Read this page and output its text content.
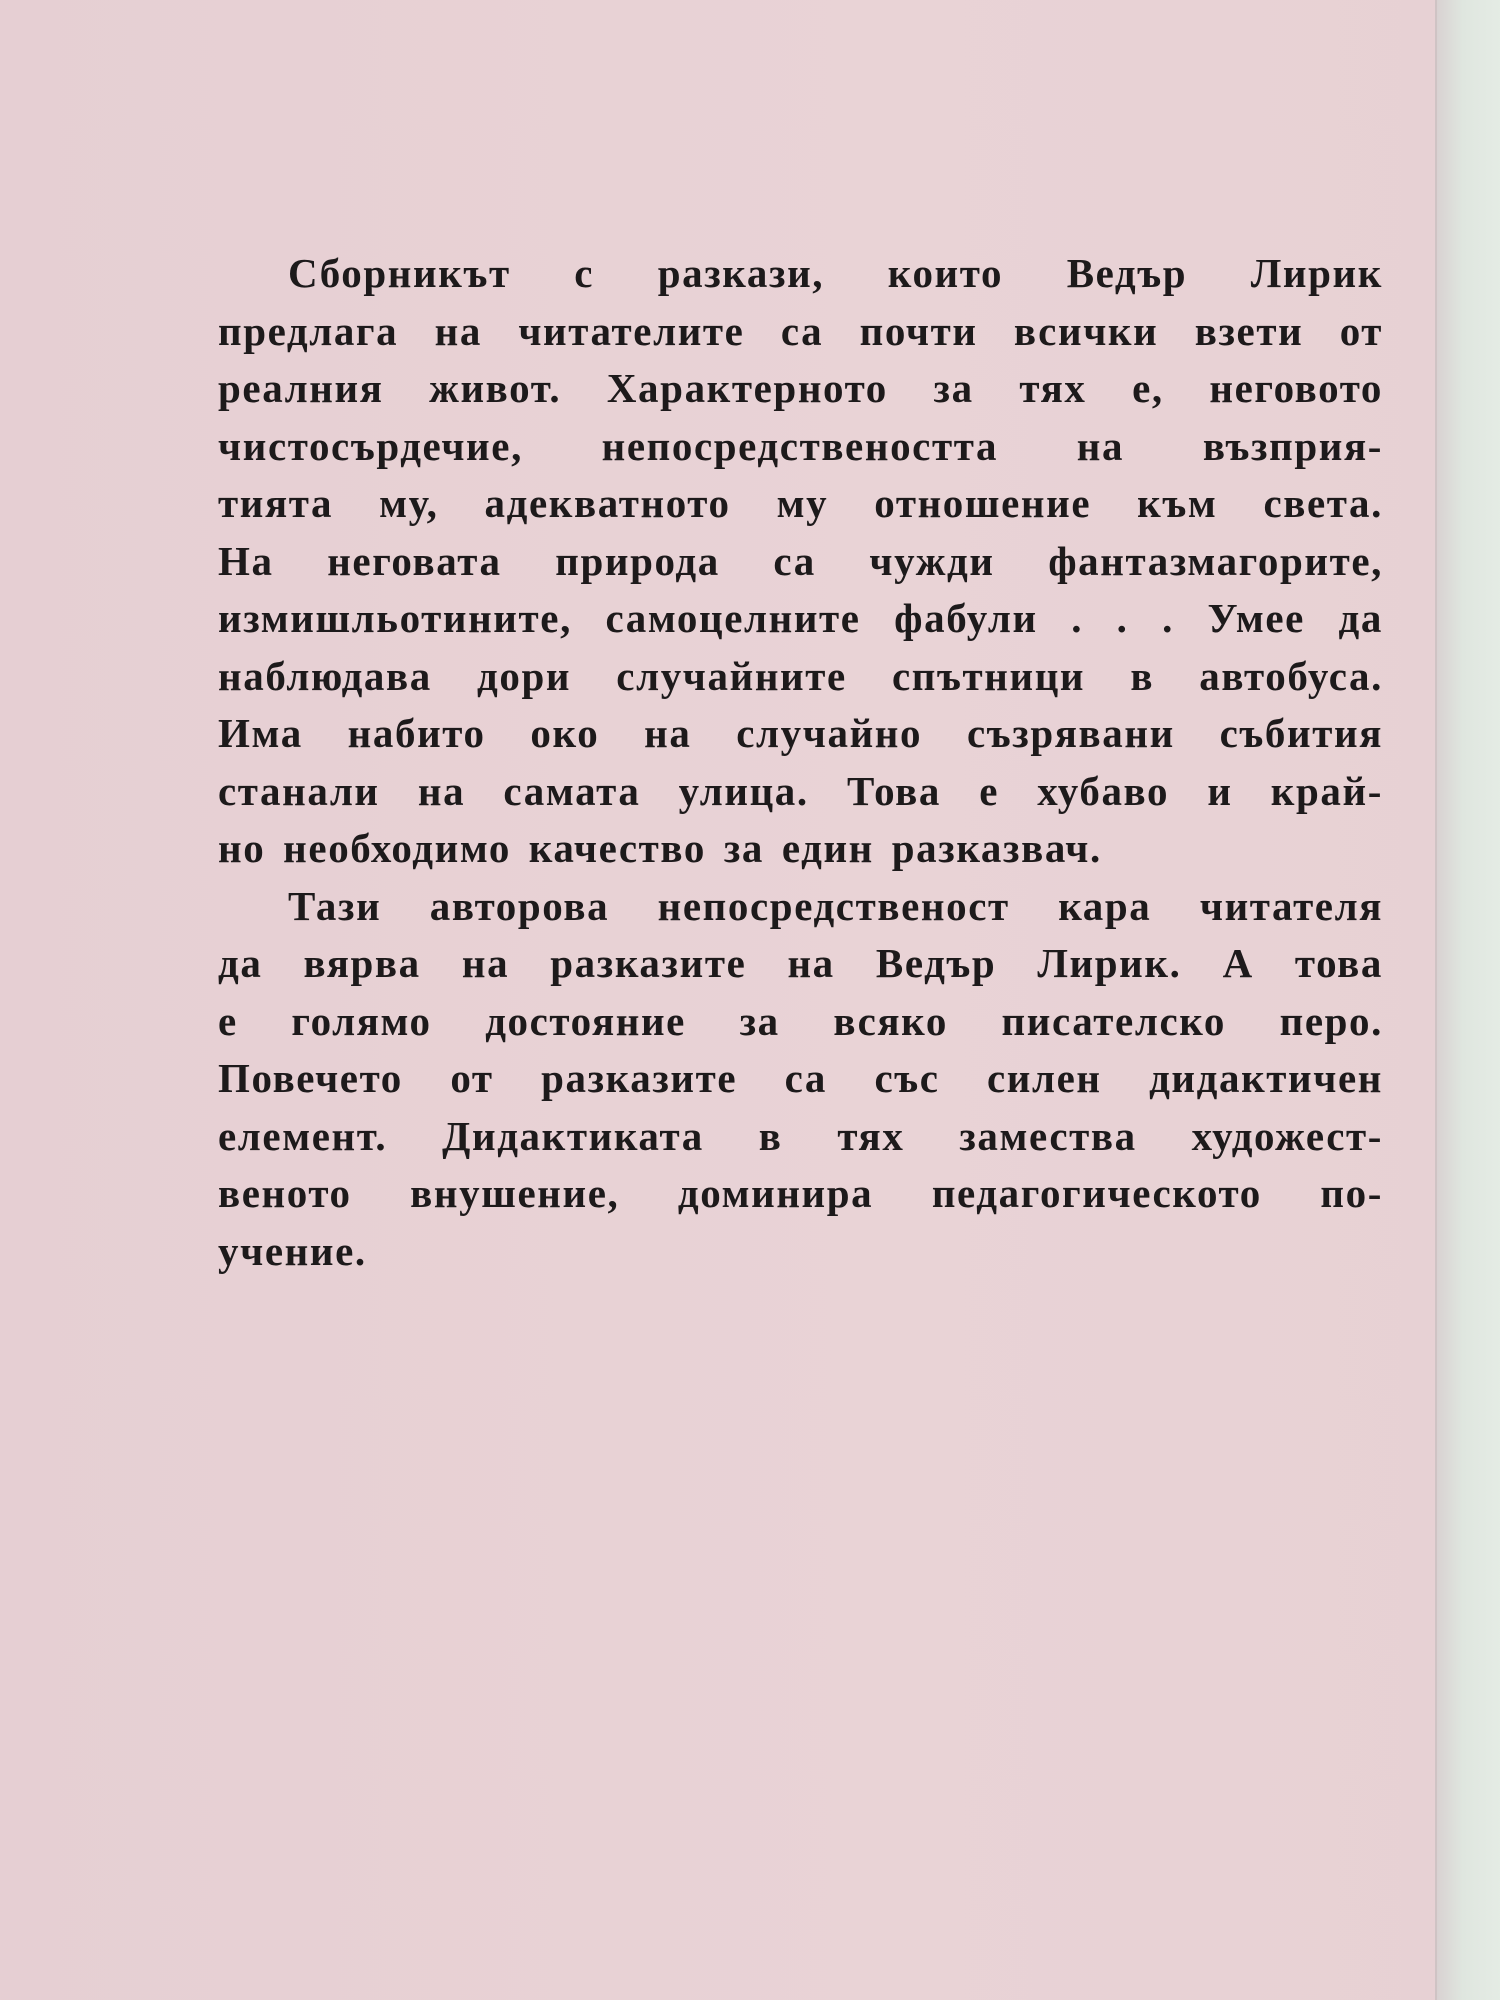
Сборникът с разкази, които Ведър Лирик
предлага на читателите са почти всички взети от
реалния живот. Характерното за тях е, неговото
чистосърдечие, непосредствеността на възприя-
тията му, адекватното му отношение към света.
На неговата природа са чужди фантазмагорите,
измишльотините, самоцелните фабули . . . Умее да
наблюдава дори случайните спътници в автобуса.
Има набито око на случайно съзрявани събития
станали на самата улица. Това е хубаво и край-
но необходимо качество за един разказвач.
Тази авторова непосредственост кара читателя
да вярва на разказите на Ведър Лирик. А това
е голямо достояние за всяко писателско перо.
Повечето от разказите са със силен дидактичен
елемент. Дидактиката в тях замества художест-
веното внушение, доминира педагогическото по-
учение.
